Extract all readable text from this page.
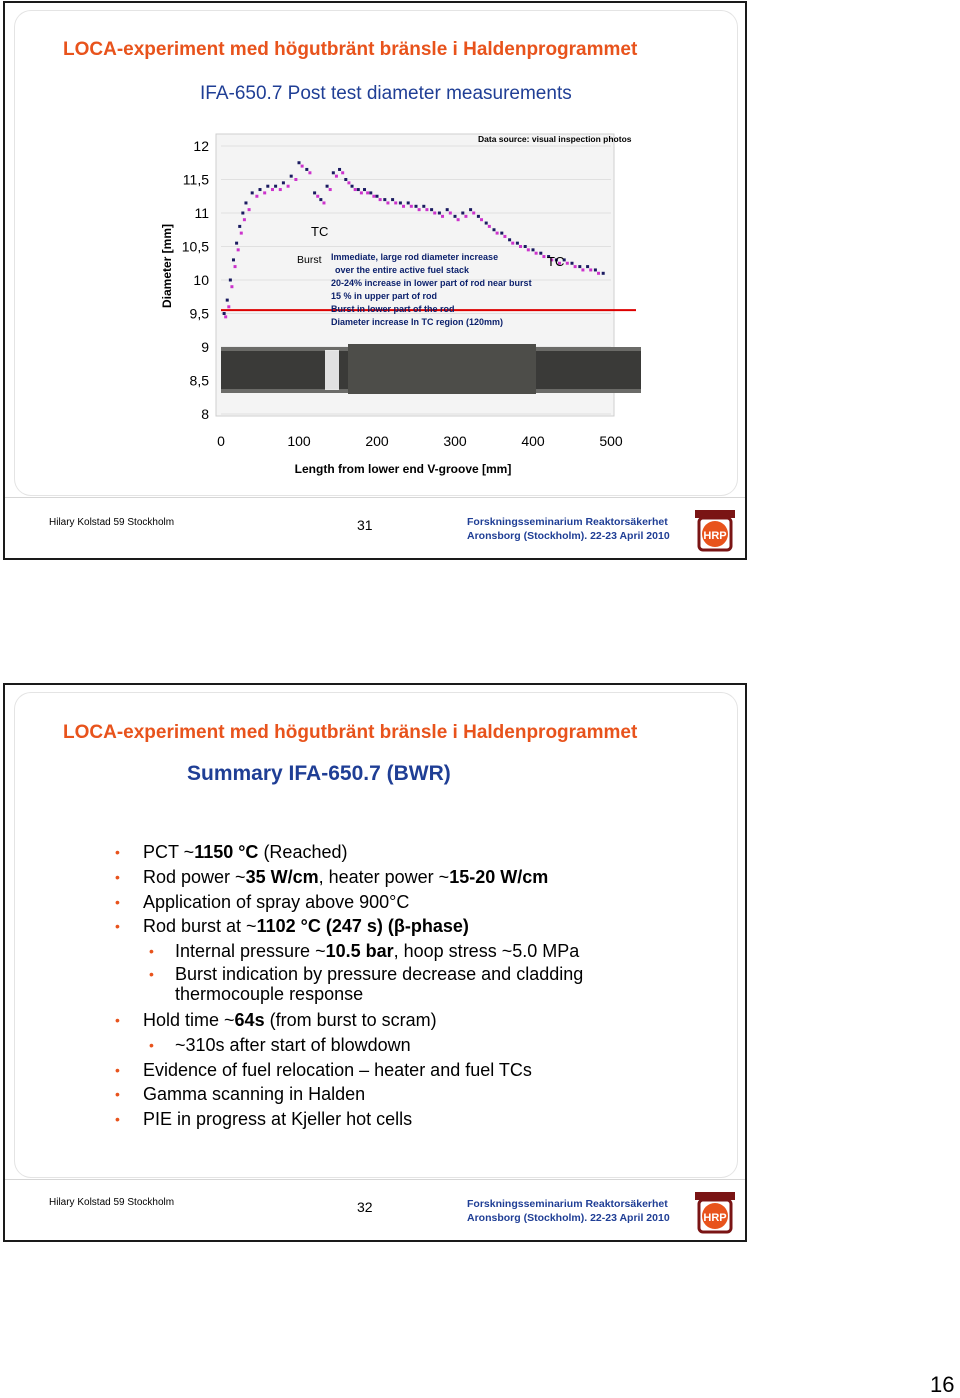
LOCA-experiment med högutbränt bränsle i Haldenprogrammet
IFA-650.7 Post test diameter measurements
12
11,5
11
10,5
10
9,5
9
8,5
8
0	100	200	300	400	500
Diameter [mm]
Length from lower end V-groove [mm]
Data source: visual inspection photos
TC
TC
Burst Immediate, large rod diameter increase
over the entire active fuel stack
20-24% increase in lower part of rod near burst
15 % in upper part of rod
Burst in lower part of the rod
Diameter increase In TC region (120mm)
Hilary Kolstad 59 Stockholm	31	Forskningsseminarium Reaktorsäkerhet
Aronsborg (Stockholm). 22-23 April 2010	HRP
LOCA-experiment med högutbränt bränsle i Haldenprogrammet
Summary IFA-650.7 (BWR)
• PCT ~1150 °C (Reached)
• Rod power ~35 W/cm, heater power ~15-20 W/cm
• Application of spray above 900°C
• Rod burst at ~1102 °C (247 s) (β-phase)
• Internal pressure ~10.5 bar, hoop stress ~5.0 MPa
• Burst indication by pressure decrease and cladding thermocouple response
• Hold time ~64s (from burst to scram)
• ~310s after start of blowdown
• Evidence of fuel relocation – heater and fuel TCs
• Gamma scanning in Halden
• PIE in progress at Kjeller hot cells
Hilary Kolstad 59 Stockholm	32	Forskningsseminarium Reaktorsäkerhet
Aronsborg (Stockholm). 22-23 April 2010	HRP
16
